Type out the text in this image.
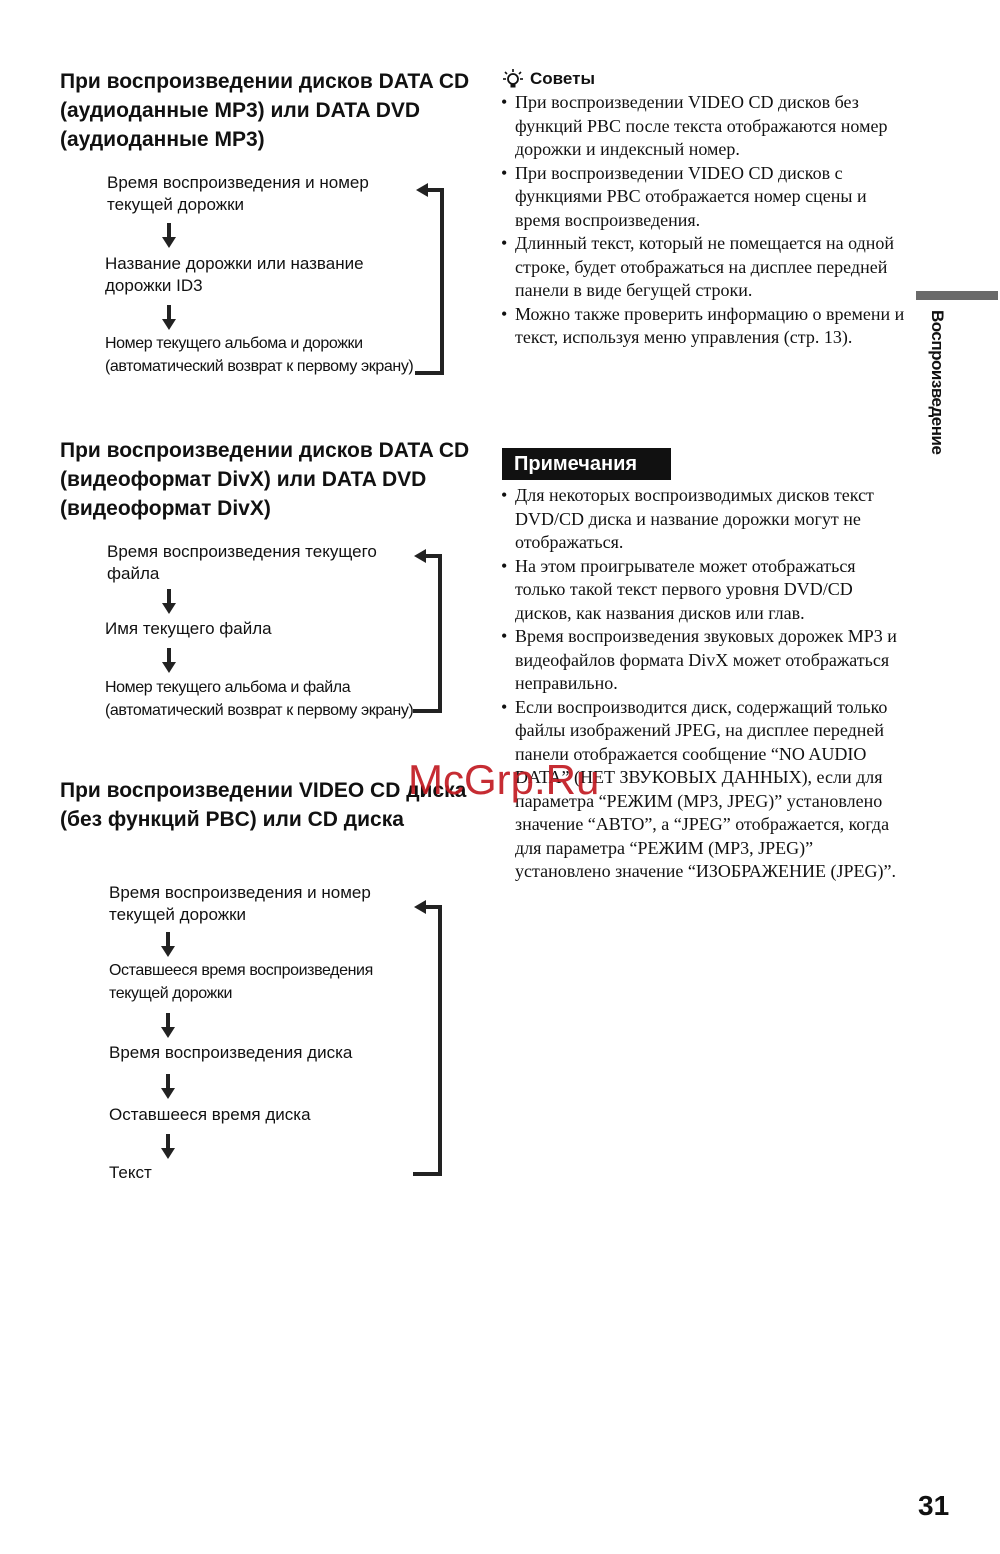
При воспроизведении дисков DATA CD (аудиоданные MP3) или DATA DVD (аудиоданные MP3)
Время воспроизведения и номер текущей дорожки
Название дорожки или название дорожки ID3
Номер текущего альбома и дорожки (автоматический возврат к первому экрану)
При воспроизведении дисков DATA CD (видеоформат DivX) или DATA DVD (видеоформат DivX)
Время воспроизведения текущего файла
Имя текущего файла
Номер текущего альбома и файла (автоматический возврат к первому экрану)
При воспроизведении VIDEO CD диска (без функций PBC) или CD диска
Время воспроизведения и номер текущей дорожки
Оставшееся время воспроизведения текущей дорожки
Время воспроизведения диска
Оставшееся время диска
Текст
Советы
• При воспроизведении VIDEO CD дисков без функций PBC после текста отображаются номер дорожки и индексный номер.
• При воспроизведении VIDEO CD дисков с функциями PBC отображается номер сцены и время воспроизведения.
• Длинный текст, который не помещается на одной строке, будет отображаться на дисплее передней панели в виде бегущей строки.
• Можно также проверить информацию о времени и текст, используя меню управления (стр. 13).
Примечания
• Для некоторых воспроизводимых дисков текст DVD/CD диска и название дорожки могут не отображаться.
• На этом проигрывателе может отображаться только такой текст первого уровня DVD/CD дисков, как названия дисков или глав.
• Время воспроизведения звуковых дорожек MP3 и видеофайлов формата DivX может отображаться неправильно.
• Если воспроизводится диск, содержащий только файлы изображений JPEG, на дисплее передней панели отображается сообщение “NO AUDIO DATA” (НЕТ ЗВУКОВЫХ ДАННЫХ), если для параметра “РЕЖИМ (MP3, JPEG)” установлено значение “АВТО”, а “JPEG” отображается, когда для параметра “РЕЖИМ (MP3, JPEG)” установлено значение “ИЗОБРАЖЕНИЕ (JPEG)”.
Воспроизведение
McGrp.Ru
31
